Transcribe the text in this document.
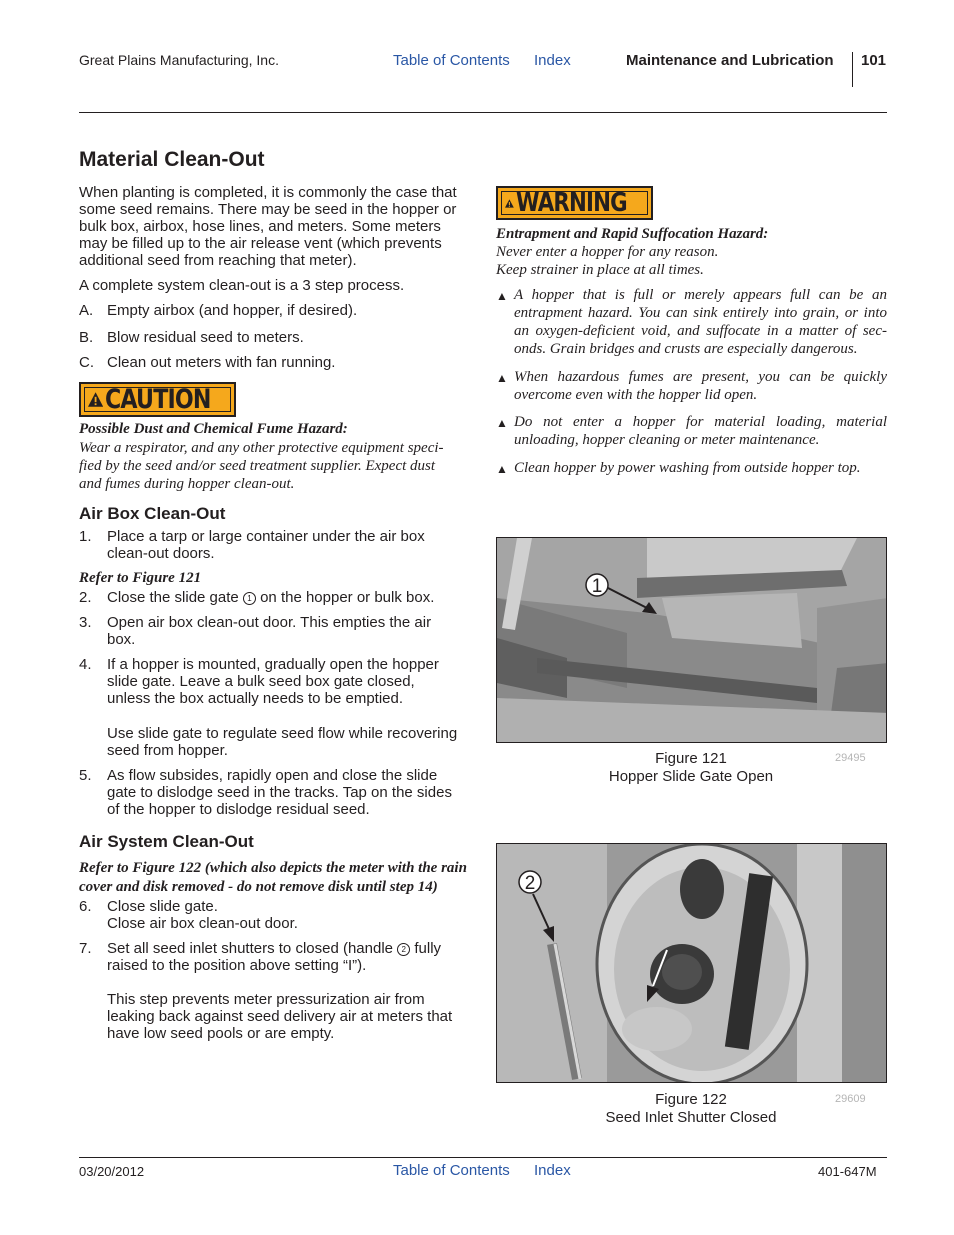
Great Plains Manufacturing, Inc.	Table of Contents Index	Maintenance and Lubrication 101
Material Clean-Out
When planting is completed, it is commonly the case that
some seed remains. There may be seed in the hopper or
bulk box, airbox, hose lines, and meters. Some meters
may be filled up to the air release vent (which prevents
additional seed from reaching that meter).
A complete system clean-out is a 3 step process.
A. Empty airbox (and hopper, if desired).
B. Blow residual seed to meters.
C. Clean out meters with fan running.
CAUTION
Possible Dust and Chemical Fume Hazard:
Wear a respirator, and any other protective equipment speci-
fied by the seed and/or seed treatment supplier. Expect dust
and fumes during hopper clean-out.
Air Box Clean-Out
1. Place a tarp or large container under the air box
clean-out doors.
Refer to Figure 121
2. Close the slide gate 1 on the hopper or bulk box.
3. Open air box clean-out door. This empties the air
box.
4. If a hopper is mounted, gradually open the hopper
slide gate. Leave a bulk seed box gate closed,
unless the box actually needs to be emptied.
Use slide gate to regulate seed flow while recovering
seed from hopper.
5. As flow subsides, rapidly open and close the slide
gate to dislodge seed in the tracks. Tap on the sides
of the hopper to dislodge residual seed.
Air System Clean-Out
Refer to Figure 122 (which also depicts the meter with the rain
cover and disk removed - do not remove disk until step 14)
6. Close slide gate.
Close air box clean-out door.
7. Set all seed inlet shutters to closed (handle 2 fully
raised to the position above setting “I”).
This step prevents meter pressurization air from
leaking back against seed delivery air at meters that
have low seed pools or are empty.
WARNING
Entrapment and Rapid Suffocation Hazard:
Never enter a hopper for any reason.
Keep strainer in place at all times.
▲ A hopper that is full or merely appears full can be an
entrapment hazard. You can sink entirely into grain, or into
an oxygen-deficient void, and suffocate in a matter of sec-
onds. Grain bridges and crusts are especially dangerous.
▲ When hazardous fumes are present, you can be quickly
overcome even with the hopper lid open.
▲ Do not enter a hopper for material loading, material
unloading, hopper cleaning or meter maintenance.
▲ Clean hopper by power washing from outside hopper top.
1
Figure 121
Hopper Slide Gate Open
29495
2
Figure 122
Seed Inlet Shutter Closed
29609
03/20/2012	Table of Contents Index	401-647M
